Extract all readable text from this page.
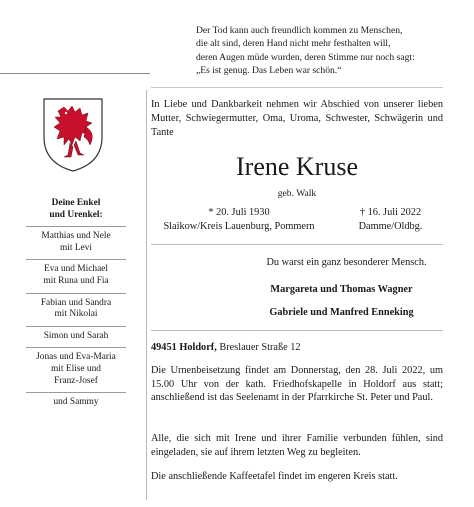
Der Tod kann auch freundlich kommen zu Menschen,
die alt sind, deren Hand nicht mehr festhalten will,
deren Augen müde wurden, deren Stimme nur noch sagt:
„Es ist genug. Das Leben war schön.“
In Liebe und Dankbarkeit nehmen wir Abschied von unserer lieben Mutter, Schwiegermutter, Oma, Uroma, Schwester, Schwägerin und Tante
Irene Kruse
geb. Walk
* 20. Juli 1930
Slaikow/Kreis Lauenburg, Pommern
† 16. Juli 2022
Damme/Oldbg.
Du warst ein ganz besonderer Mensch.
Margareta und Thomas Wagner
Gabriele und Manfred Enneking
49451 Holdorf, Breslauer Straße 12
Die Urnenbeisetzung findet am Donnerstag, den 28. Juli 2022, um 15.00 Uhr von der kath. Friedhofskapelle in Holdorf aus statt; anschließend ist das Seelenamt in der Pfarrkirche St. Peter und Paul.
Alle, die sich mit Irene und ihrer Familie verbunden fühlen, sind eingeladen, sie auf ihrem letzten Weg zu begleiten.
Die anschließende Kaffeetafel findet im engeren Kreis statt.
Deine Enkel
und Urenkel:
Matthias und Nele
mit Levi
Eva und Michael
mit Runa und Fia
Fabian und Sandra
mit Nikolai
Simon und Sarah
Jonas und Eva-Maria
mit Elise und
Franz-Josef
und Sammy
